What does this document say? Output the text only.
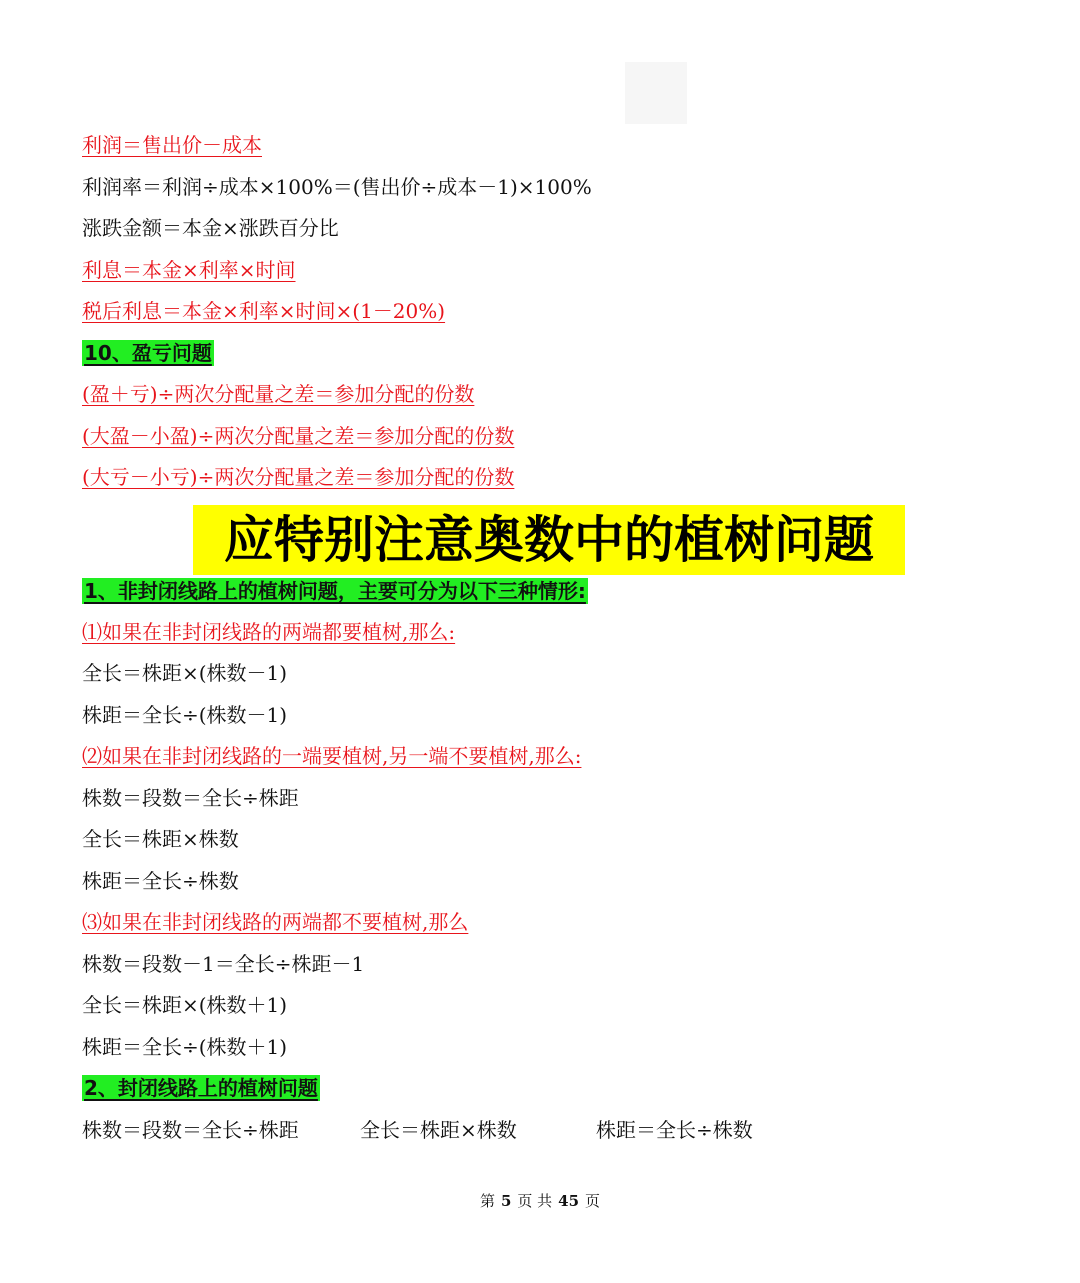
利润＝售出价－成本
利润率＝利润÷成本×100%＝(售出价÷成本－1)×100%
涨跌金额＝本金×涨跌百分比
利息＝本金×利率×时间
税后利息＝本金×利率×时间×(1－20%)
10、盈亏问题
(盈＋亏)÷两次分配量之差＝参加分配的份数
(大盈－小盈)÷两次分配量之差＝参加分配的份数
(大亏－小亏)÷两次分配量之差＝参加分配的份数
应特别注意奥数中的植树问题
1、非封闭线路上的植树问题，主要可分为以下三种情形:
⑴如果在非封闭线路的两端都要植树,那么:
全长＝株距×(株数－1)
株距＝全长÷(株数－1)
⑵如果在非封闭线路的一端要植树,另一端不要植树,那么:
株数＝段数＝全长÷株距
全长＝株距×株数
株距＝全长÷株数
⑶如果在非封闭线路的两端都不要植树,那么
株数＝段数－1＝全长÷株距－1
全长＝株距×(株数＋1)
株距＝全长÷(株数＋1)
2、封闭线路上的植树问题
株数＝段数＝全长÷株距	全长＝株距×株数	株距＝全长÷株数
第 5 页 共 45 页
